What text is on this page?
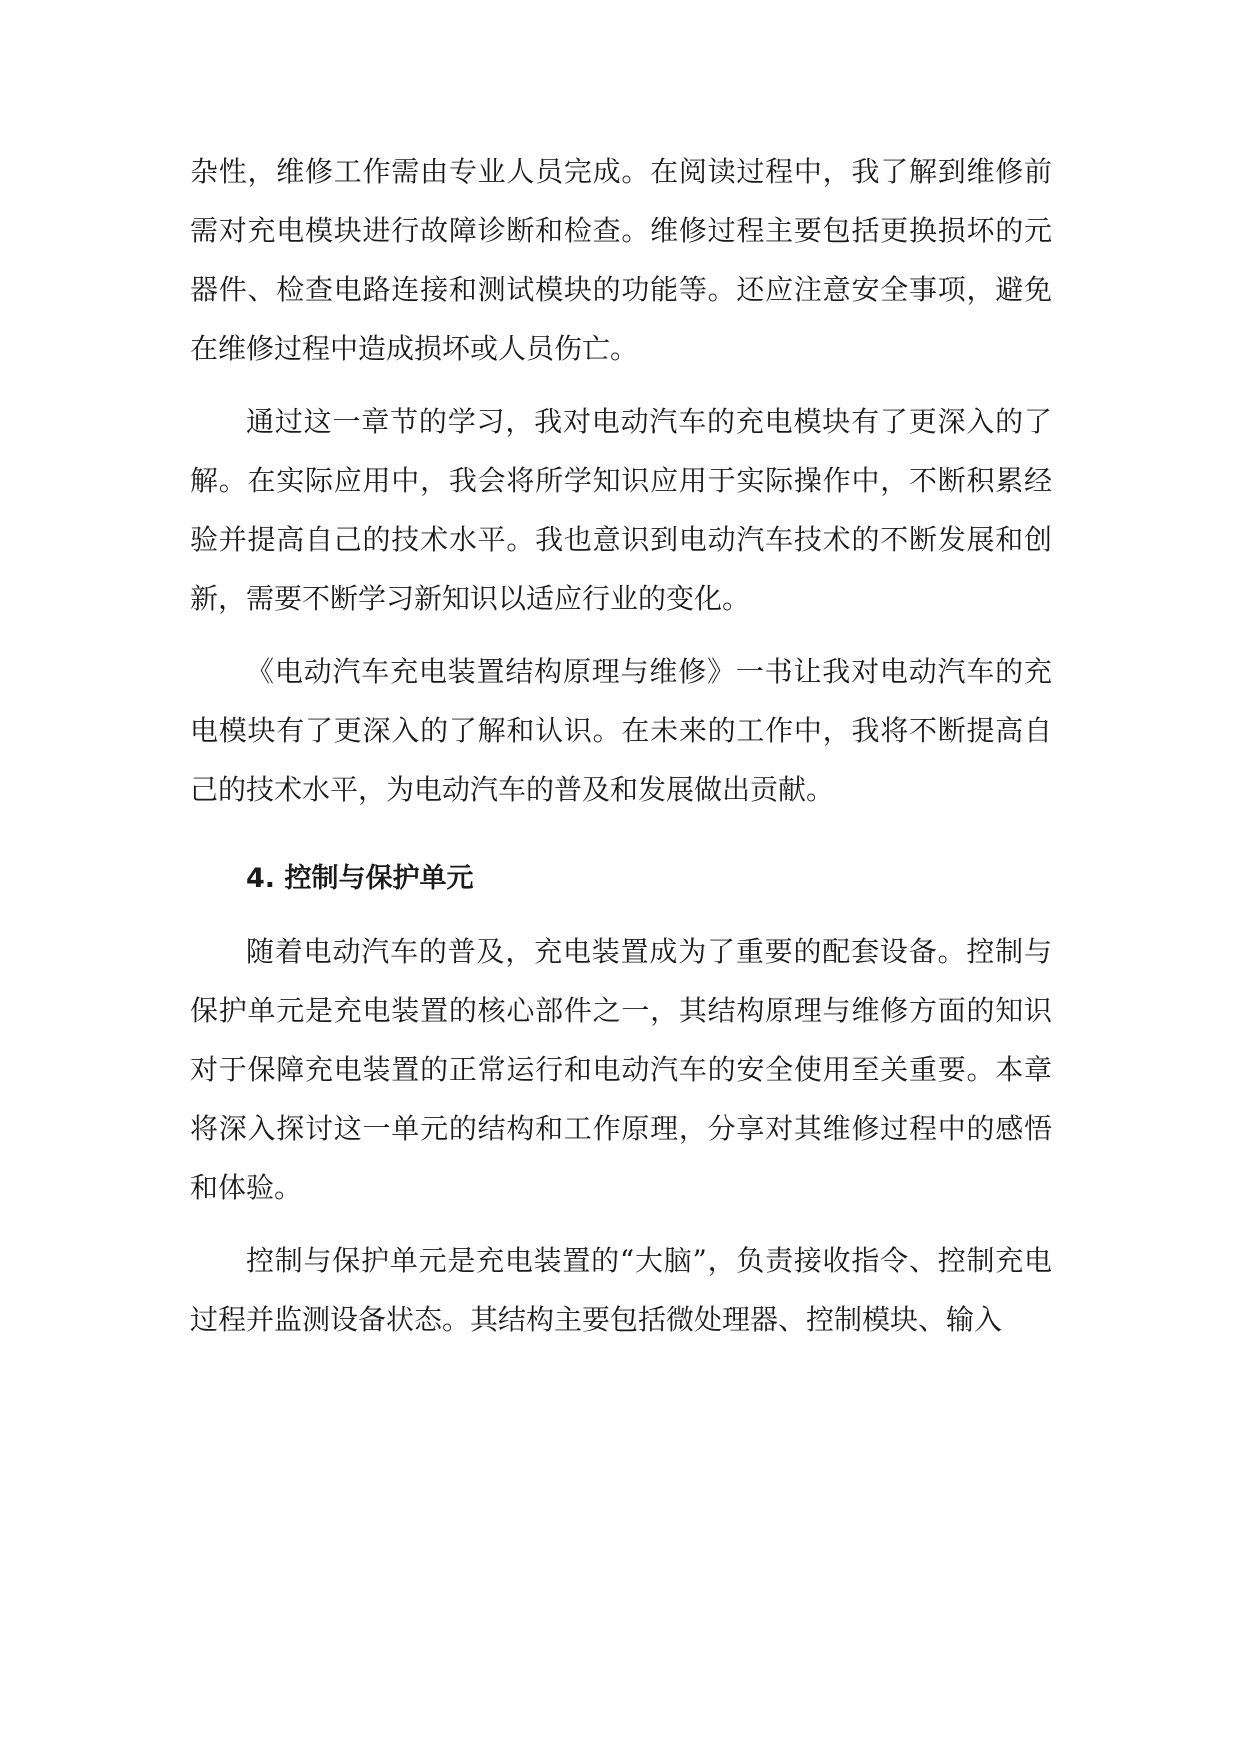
杂性，维修工作需由专业人员完成。在阅读过程中，我了解到维修前需对充电模块进行故障诊断和检查。维修过程主要包括更换损坏的元器件、检查电路连接和测试模块的功能等。还应注意安全事项，避免在维修过程中造成损坏或人员伤亡。

通过这一章节的学习，我对电动汽车的充电模块有了更深入的了解。在实际应用中，我会将所学知识应用于实际操作中，不断积累经验并提高自己的技术水平。我也意识到电动汽车技术的不断发展和创新，需要不断学习新知识以适应行业的变化。

《电动汽车充电装置结构原理与维修》一书让我对电动汽车的充电模块有了更深入的了解和认识。在未来的工作中，我将不断提高自己的技术水平，为电动汽车的普及和发展做出贡献。

4. 控制与保护单元

随着电动汽车的普及，充电装置成为了重要的配套设备。控制与保护单元是充电装置的核心部件之一，其结构原理与维修方面的知识对于保障充电装置的正常运行和电动汽车的安全使用至关重要。本章将深入探讨这一单元的结构和工作原理，分享对其维修过程中的感悟和体验。

控制与保护单元是充电装置的“大脑”，负责接收指令、控制充电过程并监测设备状态。其结构主要包括微处理器、控制模块、输入
